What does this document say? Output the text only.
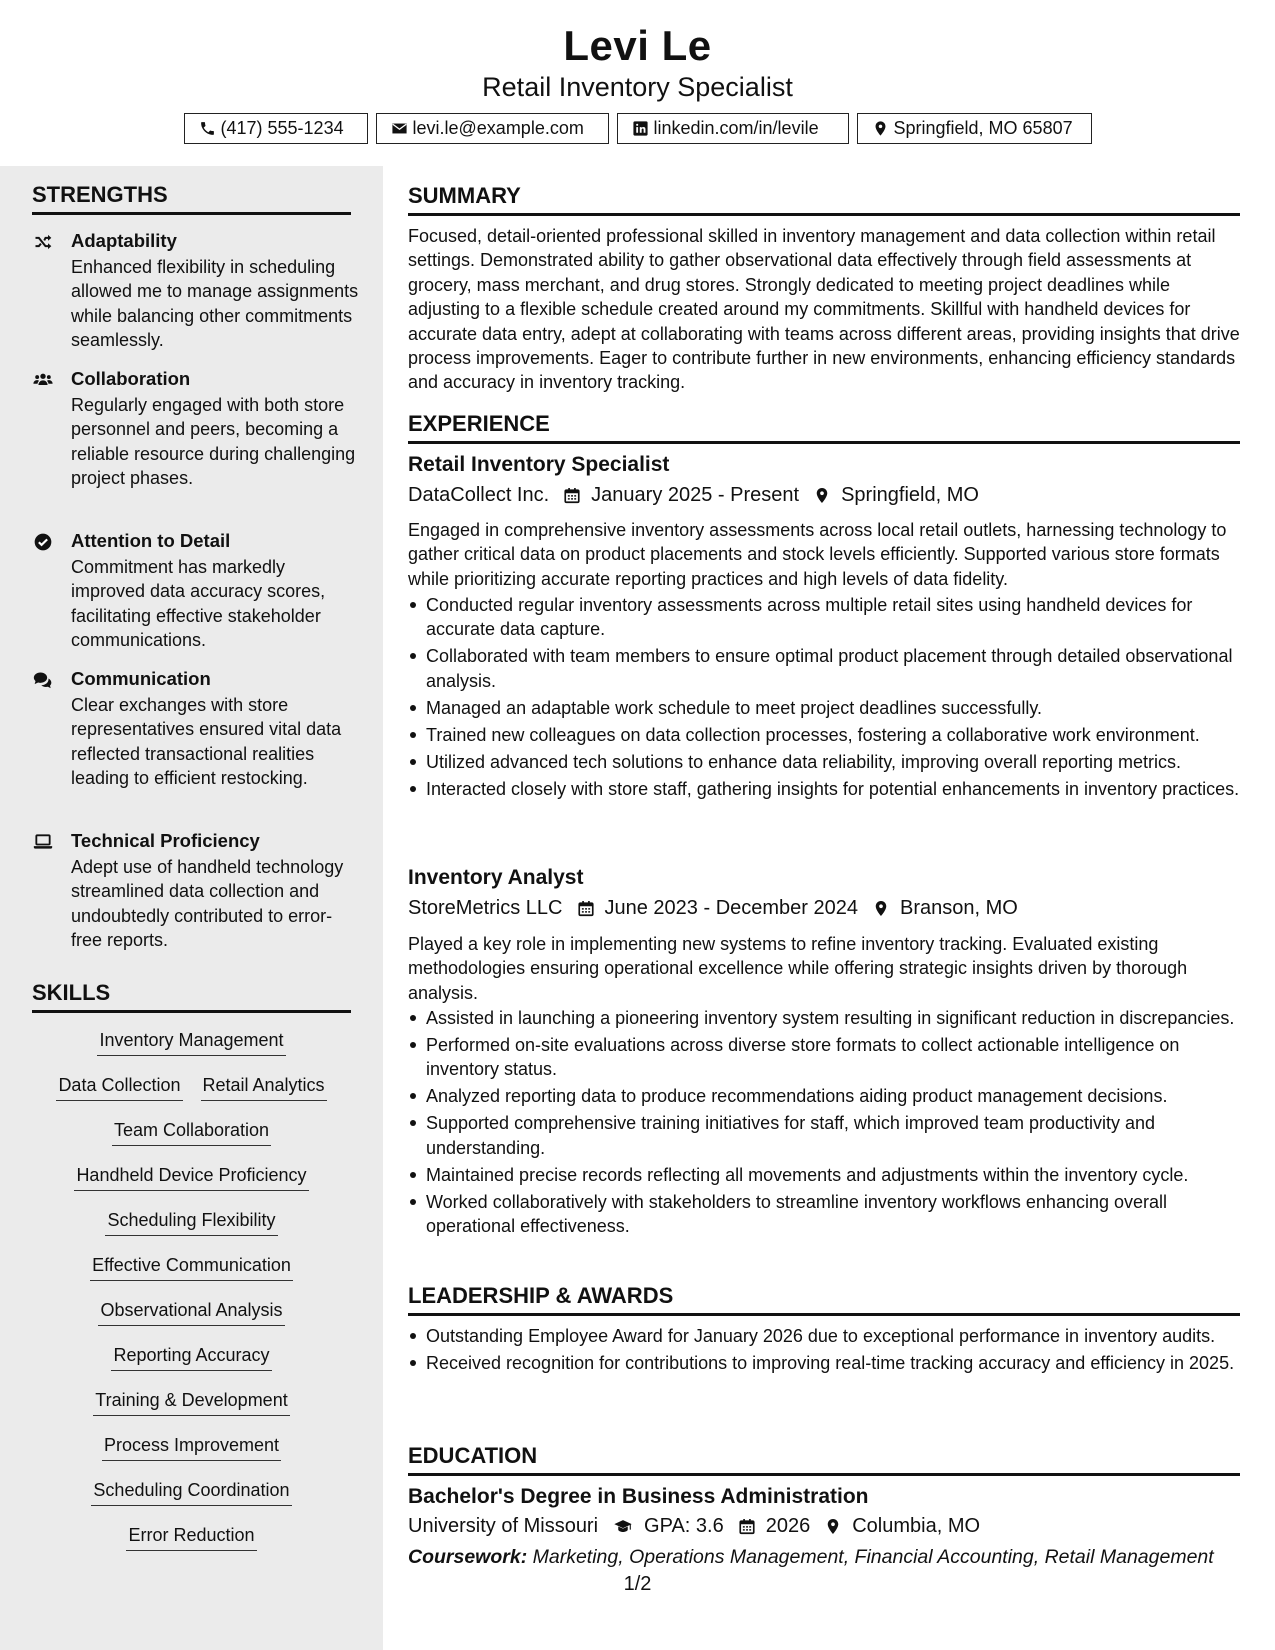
Levi Le
Retail Inventory Specialist
(417) 555-1234	levi.le@example.com	linkedin.com/in/levile	Springfield, MO 65807
STRENGTHS
Adaptability
Enhanced flexibility in scheduling allowed me to manage assignments while balancing other commitments seamlessly.
Collaboration
Regularly engaged with both store personnel and peers, becoming a reliable resource during challenging project phases.
Attention to Detail
Commitment has markedly improved data accuracy scores, facilitating effective stakeholder communications.
Communication
Clear exchanges with store representatives ensured vital data reflected transactional realities leading to efficient restocking.
Technical Proficiency
Adept use of handheld technology streamlined data collection and undoubtedly contributed to error-free reports.
SKILLS
Inventory Management
Data Collection Retail Analytics
Team Collaboration
Handheld Device Proficiency
Scheduling Flexibility
Effective Communication
Observational Analysis
Reporting Accuracy
Training & Development
Process Improvement
Scheduling Coordination
Error Reduction
SUMMARY
Focused, detail-oriented professional skilled in inventory management and data collection within retail settings. Demonstrated ability to gather observational data effectively through field assessments at grocery, mass merchant, and drug stores. Strongly dedicated to meeting project deadlines while adjusting to a flexible schedule created around my commitments. Skillful with handheld devices for accurate data entry, adept at collaborating with teams across different areas, providing insights that drive process improvements. Eager to contribute further in new environments, enhancing efficiency standards and accuracy in inventory tracking.
EXPERIENCE
Retail Inventory Specialist
DataCollect Inc. January 2025 - Present Springfield, MO
Engaged in comprehensive inventory assessments across local retail outlets, harnessing technology to gather critical data on product placements and stock levels efficiently. Supported various store formats while prioritizing accurate reporting practices and high levels of data fidelity.
Conducted regular inventory assessments across multiple retail sites using handheld devices for accurate data capture.
Collaborated with team members to ensure optimal product placement through detailed observational analysis.
Managed an adaptable work schedule to meet project deadlines successfully.
Trained new colleagues on data collection processes, fostering a collaborative work environment.
Utilized advanced tech solutions to enhance data reliability, improving overall reporting metrics.
Interacted closely with store staff, gathering insights for potential enhancements in inventory practices.
Inventory Analyst
StoreMetrics LLC June 2023 - December 2024 Branson, MO
Played a key role in implementing new systems to refine inventory tracking. Evaluated existing methodologies ensuring operational excellence while offering strategic insights driven by thorough analysis.
Assisted in launching a pioneering inventory system resulting in significant reduction in discrepancies.
Performed on-site evaluations across diverse store formats to collect actionable intelligence on inventory status.
Analyzed reporting data to produce recommendations aiding product management decisions.
Supported comprehensive training initiatives for staff, which improved team productivity and understanding.
Maintained precise records reflecting all movements and adjustments within the inventory cycle.
Worked collaboratively with stakeholders to streamline inventory workflows enhancing overall operational effectiveness.
LEADERSHIP & AWARDS
Outstanding Employee Award for January 2026 due to exceptional performance in inventory audits.
Received recognition for contributions to improving real-time tracking accuracy and efficiency in 2025.
EDUCATION
Bachelor's Degree in Business Administration
University of Missouri GPA: 3.6 2026 Columbia, MO
Coursework: Marketing, Operations Management, Financial Accounting, Retail Management
1/2
